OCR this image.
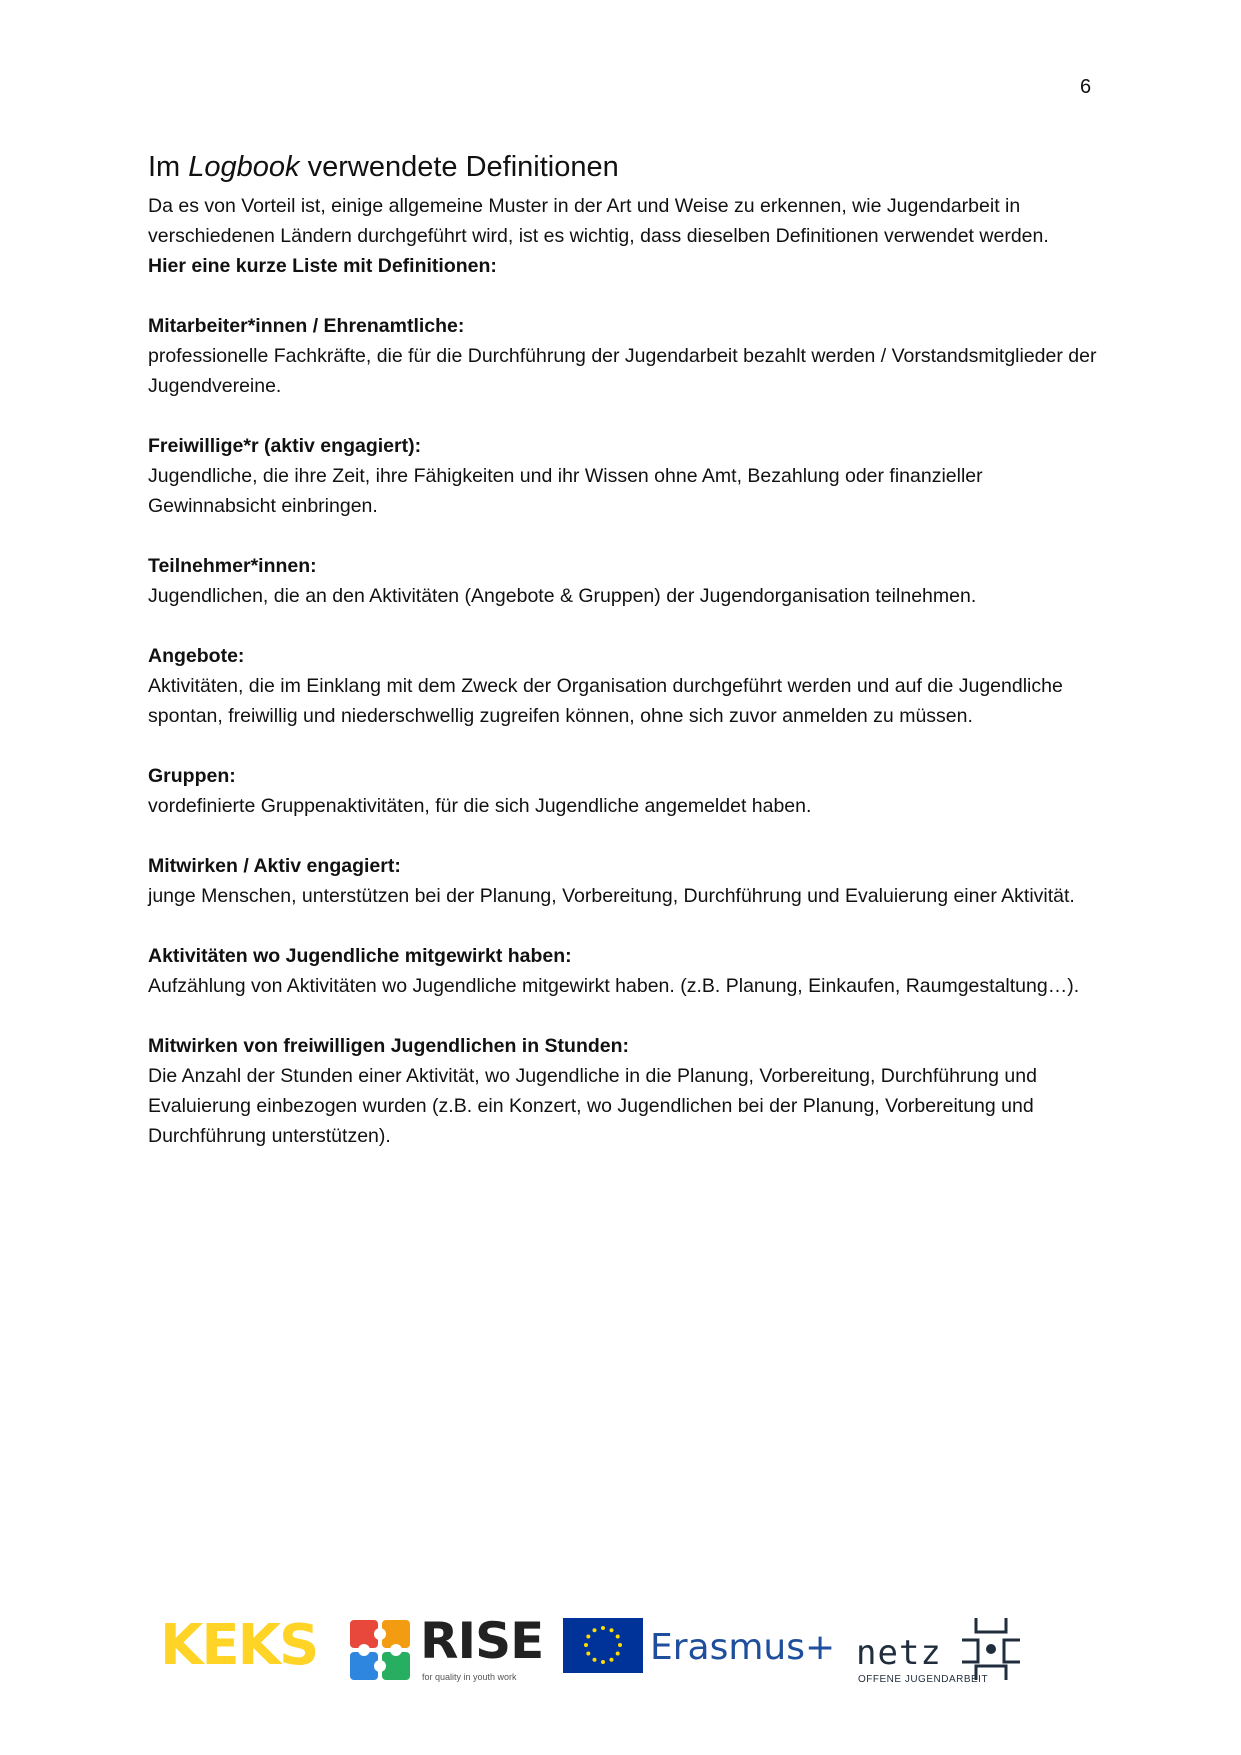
6
Im Logbook verwendete Definitionen

Da es von Vorteil ist, einige allgemeine Muster in der Art und Weise zu erkennen, wie Jugendarbeit in verschiedenen Ländern durchgeführt wird, ist es wichtig, dass dieselben Definitionen verwendet werden.

Hier eine kurze Liste mit Definitionen:

Mitarbeiter*innen / Ehrenamtliche:

professionelle Fachkräfte, die für die Durchführung der Jugendarbeit bezahlt werden / Vorstandsmitglieder der Jugendvereine.

Freiwillige*r (aktiv engagiert):

Jugendliche, die ihre Zeit, ihre Fähigkeiten und ihr Wissen ohne Amt, Bezahlung oder finanzieller Gewinnabsicht einbringen.

Teilnehmer*innen:

Jugendlichen, die an den Aktivitäten (Angebote & Gruppen) der Jugendorganisation teilnehmen.

Angebote:

Aktivitäten, die im Einklang mit dem Zweck der Organisation durchgeführt werden und auf die Jugendliche spontan, freiwillig und niederschwellig zugreifen können, ohne sich zuvor anmelden zu müssen.

Gruppen:

vordefinierte Gruppenaktivitäten, für die sich Jugendliche angemeldet haben.

Mitwirken / Aktiv engagiert:

junge Menschen, unterstützen bei der Planung, Vorbereitung, Durchführung und Evaluierung einer Aktivität.

Aktivitäten wo Jugendliche mitgewirkt haben:

Aufzählung von Aktivitäten wo Jugendliche mitgewirkt haben. (z.B. Planung, Einkaufen, Raumgestaltung…).

Mitwirken von freiwilligen Jugendlichen in Stunden:

Die Anzahl der Stunden einer Aktivität, wo Jugendliche in die Planung, Vorbereitung, Durchführung und Evaluierung einbezogen wurden (z.B. ein Konzert, wo Jugendlichen bei der Planung, Vorbereitung und Durchführung unterstützen).

KEKS RISE
for quality in youth work
Erasmus+ netz
OFFENE JUGENDARBEIT
